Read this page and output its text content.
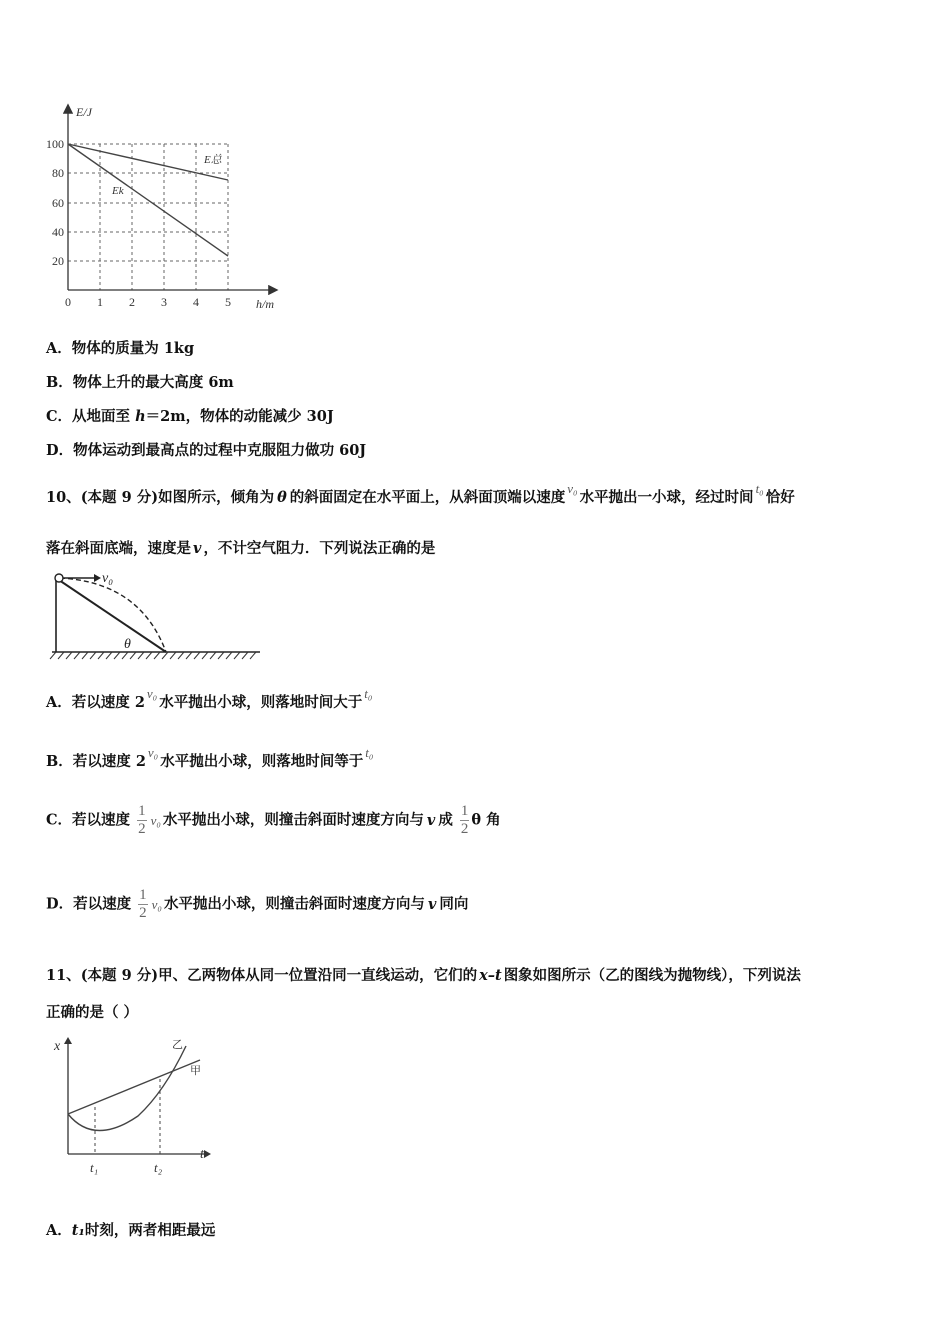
E/J
h/m
100
80
60
40
20
0 1 2 3 4 5
E总
Ek
A．物体的质量为 1kg
B．物体上升的最大高度 6m
C．从地面至 h＝2m，物体的动能减少 30J
D．物体运动到最高点的过程中克服阻力做功 60J
10、(本题 9 分)如图所示，倾角为 θ 的斜面固定在水平面上，从斜面顶端以速度v₀水平抛出一小球，经过时间t₀恰好
落在斜面底端，速度是 v ，不计空气阻力．下列说法正确的是
v₀
θ
A．若以速度 2v₀水平抛出小球，则落地时间大于t₀
B．若以速度 2v₀水平抛出小球，则落地时间等于t₀
C．若以速度 $\frac{1}{2} v_0$ 水平抛出小球，则撞击斜面时速度方向与 v 成 $\frac{1}{2}$ θ 角
D．若以速度 $\frac{1}{2} v_0$ 水平抛出小球，则撞击斜面时速度方向与 v 同向
11、(本题 9 分)甲、乙两物体从同一位置沿同一直线运动，它们的 x–t 图象如图所示（乙的图线为抛物线），下列说法
正确的是（ ）
x
t
t₁	t₂
乙
甲
A．t₁时刻，两者相距最远
